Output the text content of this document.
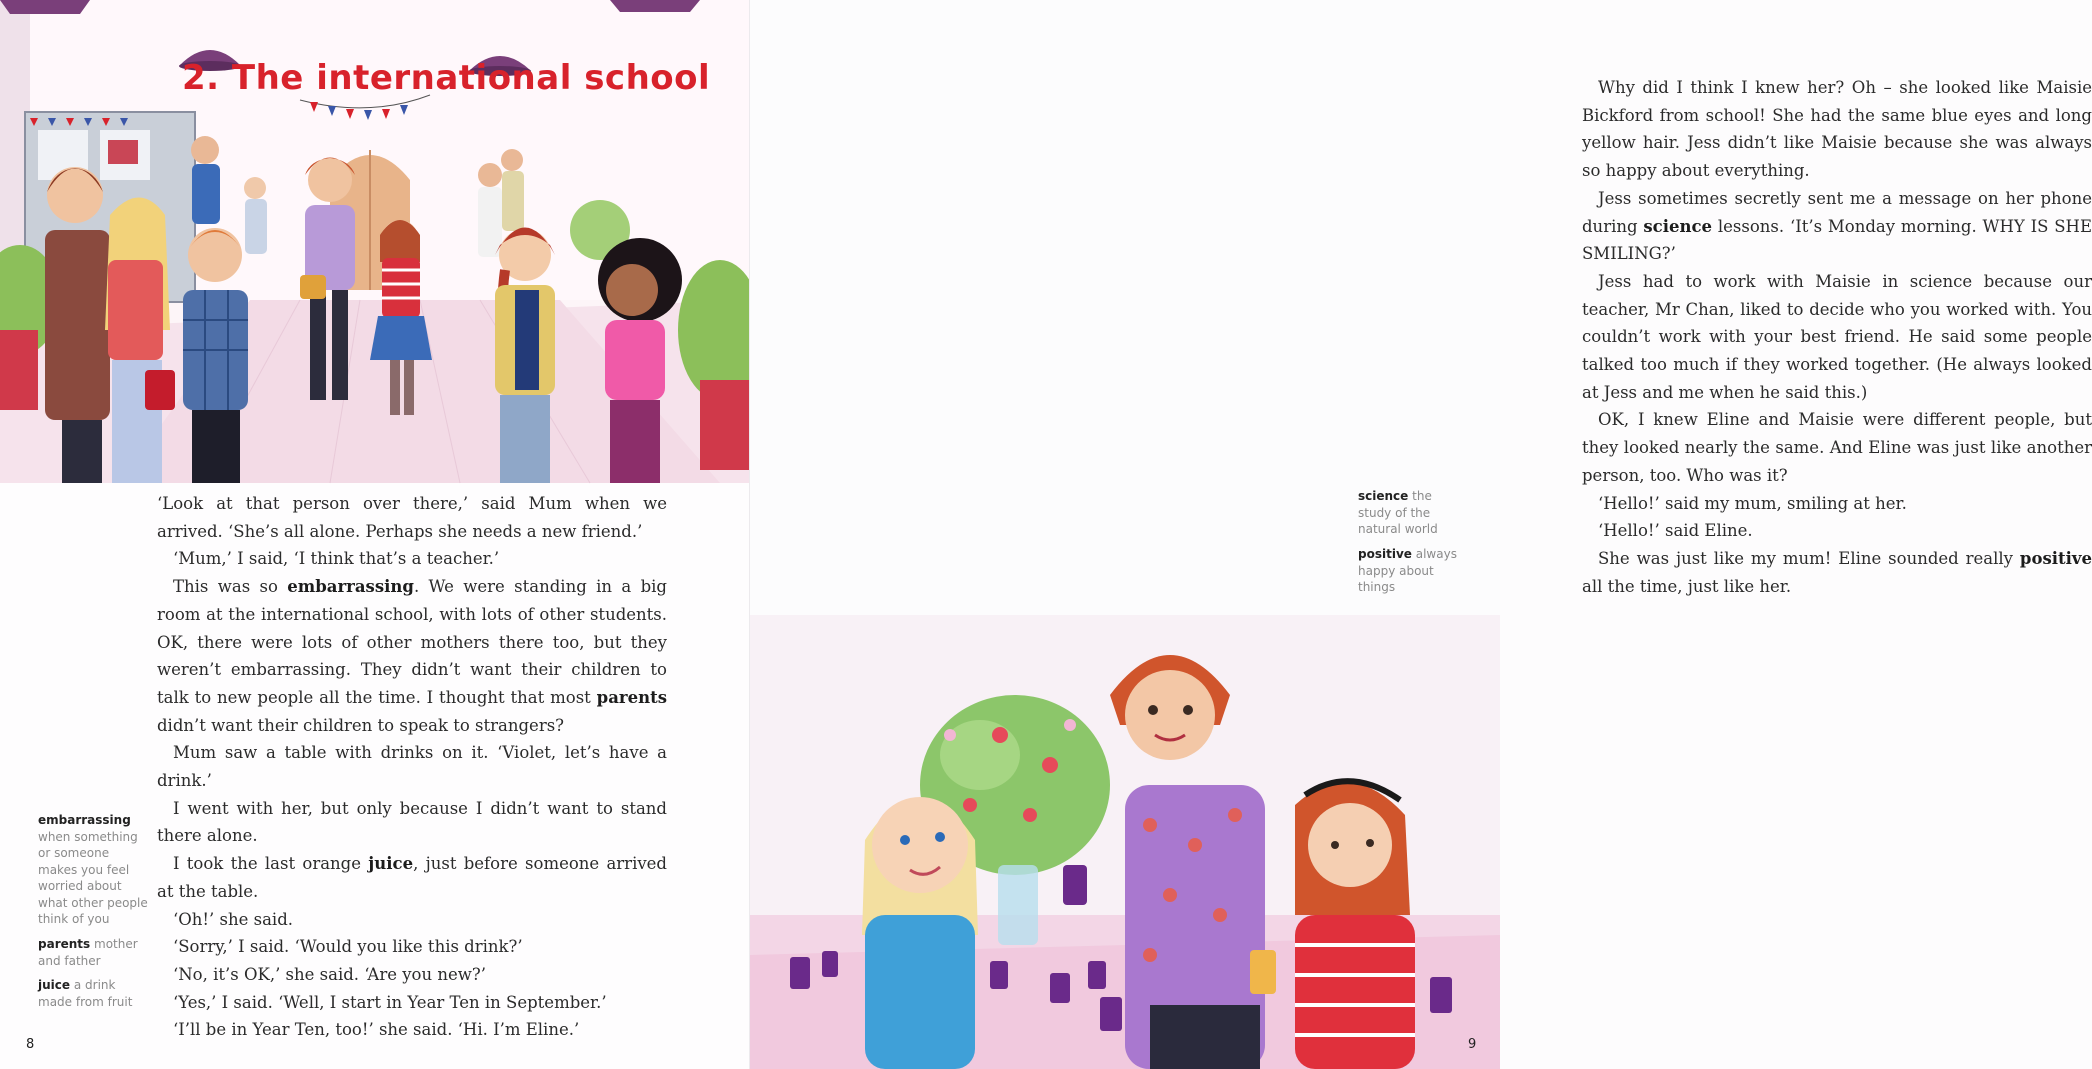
2. The international school

‘Look at that person over there,’ said Mum when we arrived. ‘She’s all alone. Perhaps she needs a new friend.’

‘Mum,’ I said, ‘I think that’s a teacher.’

This was so embarrassing. We were standing in a big room at the international school, with lots of other students. OK, there were lots of other mothers there too, but they weren’t embarrassing. They didn’t want their children to talk to new people all the time. I thought that most parents didn’t want their children to speak to strangers?

Mum saw a table with drinks on it. ‘Violet, let’s have a drink.’

I went with her, but only because I didn’t want to stand there alone.

I took the last orange juice, just before someone arrived at the table.

‘Oh!’ she said.

‘Sorry,’ I said. ‘Would you like this drink?’

‘No, it’s OK,’ she said. ‘Are you new?’

‘Yes,’ I said. ‘Well, I start in Year Ten in September.’

‘I’ll be in Year Ten, too!’ she said. ‘Hi. I’m Eline.’

embarrassing when something or someone makes you feel worried about what other people think of you
parents mother and father
juice a drink made from fruit
8

Why did I think I knew her? Oh – she looked like Maisie Bickford from school! She had the same blue eyes and long yellow hair. Jess didn’t like Maisie because she was always so happy about everything.

Jess sometimes secretly sent me a message on her phone during science lessons. ‘It’s Monday morning. WHY IS SHE SMILING?’

Jess had to work with Maisie in science because our teacher, Mr Chan, liked to decide who you worked with. You couldn’t work with your best friend. He said some people talked too much if they worked together. (He always looked at Jess and me when he said this.)

OK, I knew Eline and Maisie were different people, but they looked nearly the same. And Eline was just like another person, too. Who was it?

‘Hello!’ said my mum, smiling at her.

‘Hello!’ said Eline.

She was just like my mum! Eline sounded really positive all the time, just like her.

science the study of the natural world
positive always happy about things
9
